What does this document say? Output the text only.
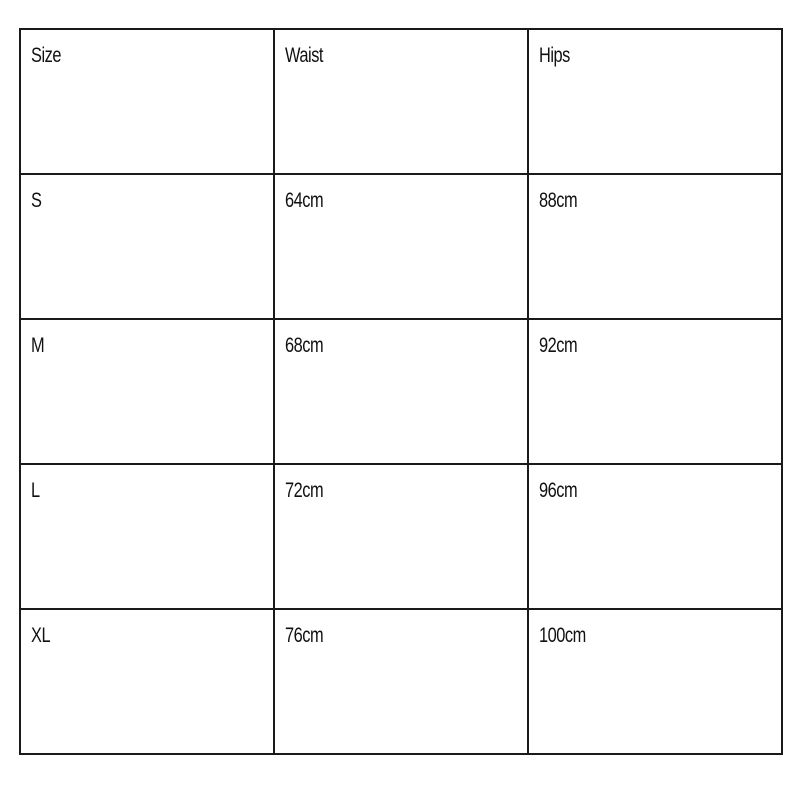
Size	Waist	Hips
S	64cm	88cm
M	68cm	92cm
L	72cm	96cm
XL	76cm	100cm
